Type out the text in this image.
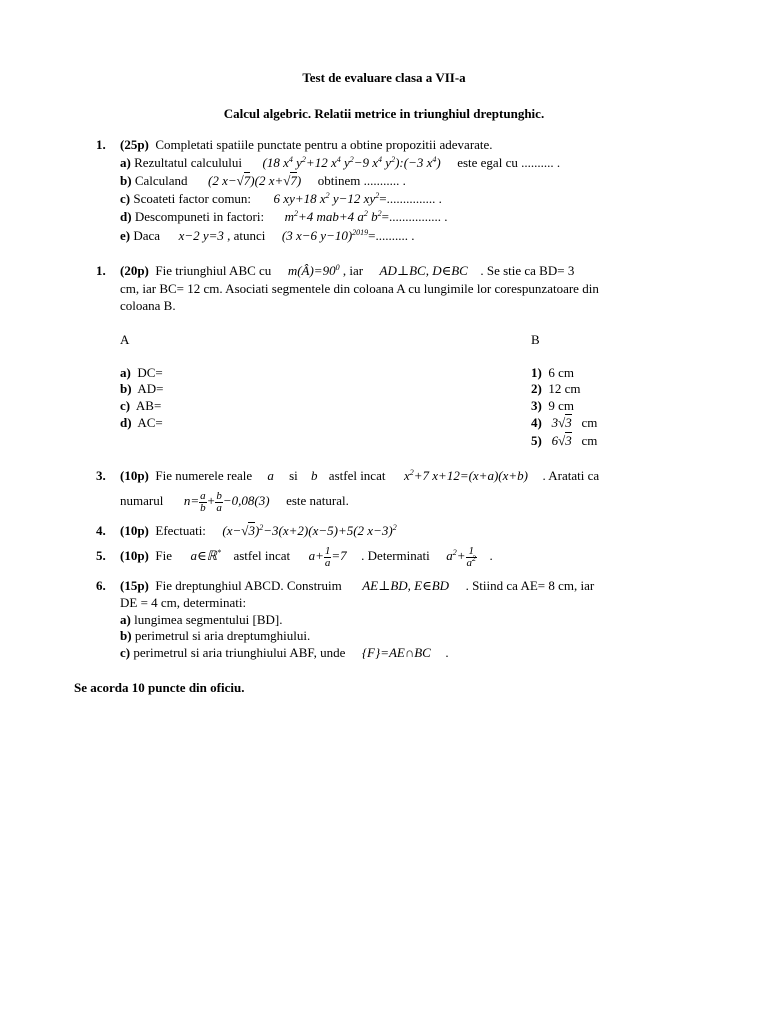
Test de evaluare clasa a VII-a
Calcul algebric. Relatii metrice in triunghiul dreptunghic.
1. (25p) Completati spatiile punctate pentru a obtine propozitii adevarate.
a) Rezultatul calculului (18 $x^4$ $y^2+12$ $x^4$ $y^2-9$ $x^4$ $y^2):(-3$ $x^4$) este egal cu .......... .
b) Calculand (2 x−√7)(2 x+√7) obtinem ........... .
c) Scoateti factor comun: 6 xy+18 $x^2$ y−12 $xy^2=$............... .
d) Descompuneti in factori: $m^2+4$ mab+4 $a^2$ $b^2=$................ .
e) Daca x−2 y=3 , atunci (3 x−6 y−10)$^{2019}$=.......... .
1. (20p) Fie triunghiul ABC cu $m(Â)=90^0$ , iar AD⊥BC, D∈BC . Se stie ca BD= 3
cm, iar BC= 12 cm. Asociati segmentele din coloana A cu lungimile lor corespunzatoare din
coloana B.
A	B
a) DC=
b) AD=
c) AB=
d) AC=
1) 6 cm
2) 12 cm
3) 9 cm
4)   3√3 cm
5)   6√3 cm
3. (10p) Fie numerele reale a si b astfel incat $x^2+7$ x+12=(x+a)(x+b) . Aratati ca
numarul $n= \frac{a}{b} + \frac{b}{a} -0,08(3)$ este natural.
4. (10p) Efectuati: $(x-√3)^2-3(x+2)(x-5)+5(2$ x−3)$^2$
5. (10p) Fie a∈ℝ* astfel incat $a+ \frac{1}{a} =7$ . Determinati $a^2+ \frac{1}{a^2}$ .
6. (15p) Fie dreptunghiul ABCD. Construim AE⊥BD, E∈BD . Stiind ca AE= 8 cm, iar
DE = 4 cm, determinati:
a) lungimea segmentului [BD].
b) perimetrul si aria dreptumghiului.
c) perimetrul si aria triunghiului ABF, unde {F}=AE∩BC .
Se acorda 10 puncte din oficiu.
